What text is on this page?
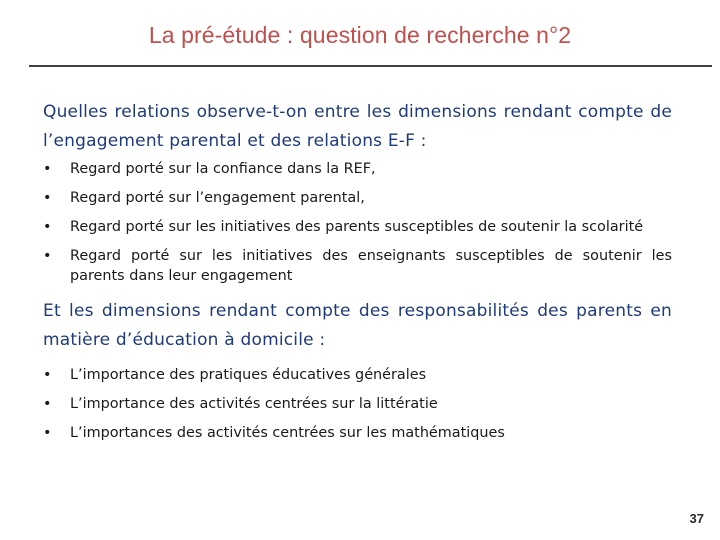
La pré-étude : question de recherche n°2
Quelles relations observe-t-on entre les dimensions rendant compte de l’engagement parental et des relations E-F :
• Regard porté sur la confiance dans la REF,
• Regard porté sur l’engagement parental,
• Regard porté sur les initiatives des parents susceptibles de soutenir la scolarité
• Regard porté sur les initiatives des enseignants susceptibles de soutenir les parents dans leur engagement
Et les dimensions rendant compte des responsabilités des parents en matière d’éducation à domicile :
• L’importance des pratiques éducatives générales
• L’importance des activités centrées sur la littératie
• L’importances des activités centrées sur les mathématiques
37
